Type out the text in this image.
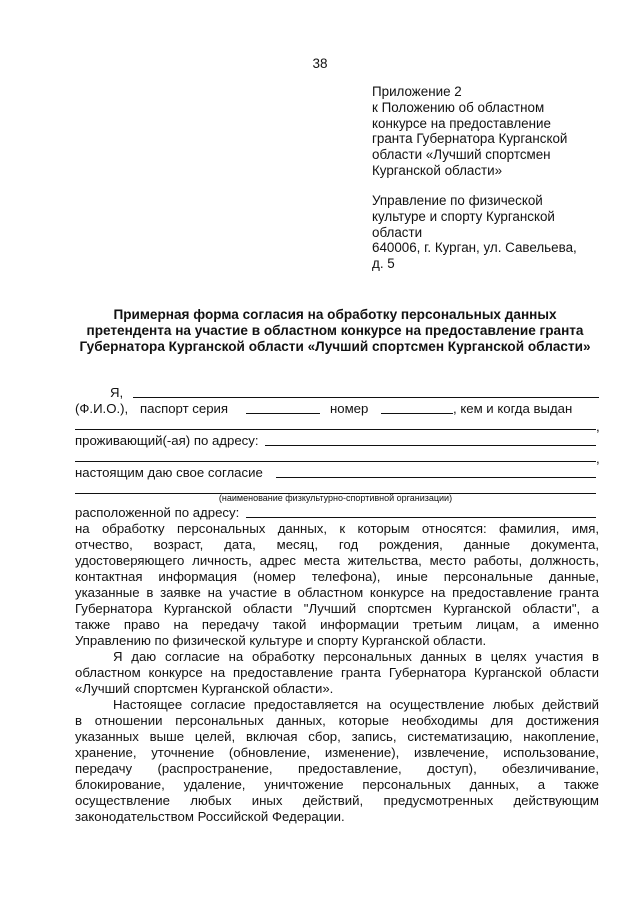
38
Приложение 2
к Положению об областном
конкурсе на предоставление
гранта Губернатора Курганской
области «Лучший спортсмен
Курганской области»
Управление по физической
культуре и спорту Курганской
области
640006, г. Курган, ул. Савельева,
д. 5
Примерная форма согласия на обработку персональных данных
претендента на участие в областном конкурсе на предоставление гранта
Губернатора Курганской области «Лучший спортсмен Курганской области»
Я,
(Ф.И.О.), паспорт серия	номер	, кем и когда выдан
,
проживающий(-ая) по адресу:
,
настоящим даю свое согласие
(наименование физкультурно-спортивной организации)
расположенной по адресу:
на обработку персональных данных, к которым относятся: фамилия, имя,
отчество, возраст, дата, месяц, год рождения, данные документа,
удостоверяющего личность, адрес места жительства, место работы, должность,
контактная информация (номер телефона), иные персональные данные,
указанные в заявке на участие в областном конкурсе на предоставление гранта
Губернатора Курганской области "Лучший спортсмен Курганской области", а
также право на передачу такой информации третьим лицам, а именно
Управлению по физической культуре и спорту Курганской области.
Я даю согласие на обработку персональных данных в целях участия в
областном конкурсе на предоставление гранта Губернатора Курганской области
«Лучший спортсмен Курганской области».
Настоящее согласие предоставляется на осуществление любых действий
в отношении персональных данных, которые необходимы для достижения
указанных выше целей, включая сбор, запись, систематизацию, накопление,
хранение, уточнение (обновление, изменение), извлечение, использование,
передачу (распространение, предоставление, доступ), обезличивание,
блокирование, удаление, уничтожение персональных данных, а также
осуществление любых иных действий, предусмотренных действующим
законодательством Российской Федерации.
